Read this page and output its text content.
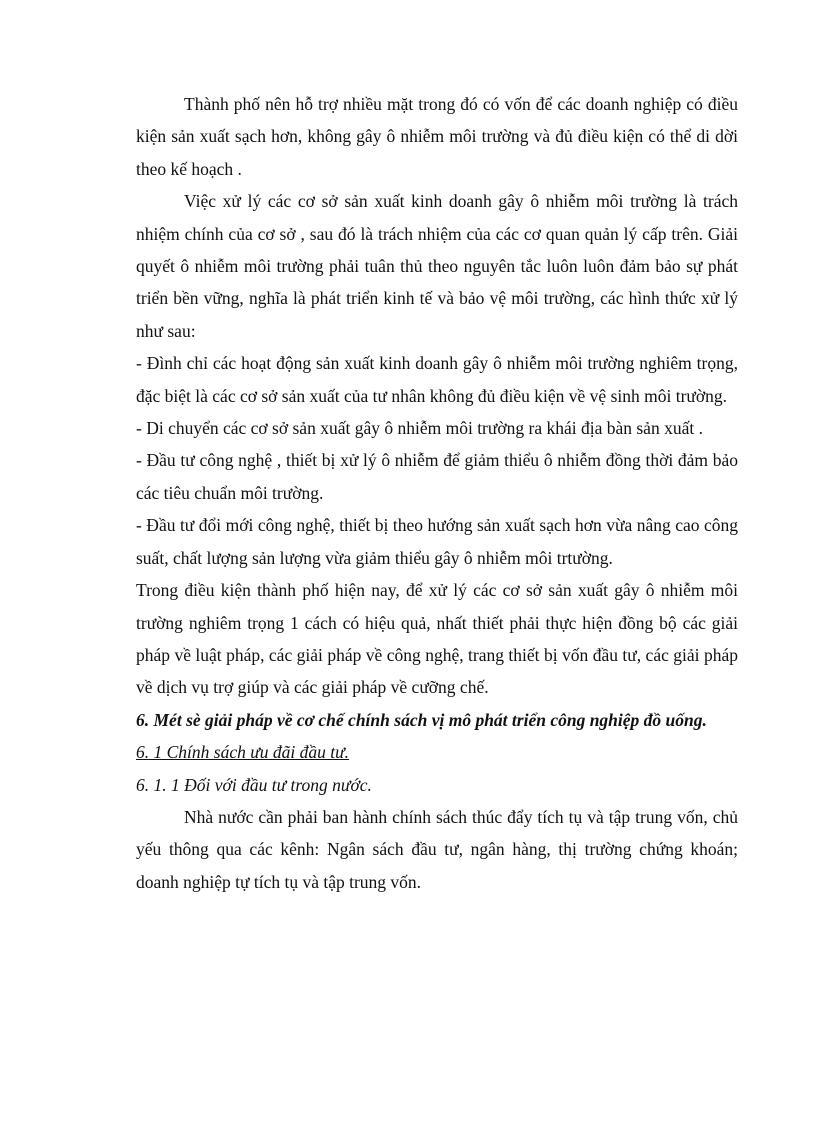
Thành phố nên hỗ trợ nhiều mặt trong đó có vốn để các doanh nghiệp có điều kiện sản xuất sạch hơn, không gây ô nhiễm môi trường và đủ điều kiện có thể di dời theo kế hoạch .

Việc xử lý các cơ sở sản xuất kinh doanh gây ô nhiễm môi trường là trách nhiệm chính của cơ sở , sau đó là trách nhiệm của các cơ quan quản lý cấp trên. Giải quyết ô nhiễm môi trường phải tuân thủ theo nguyên tắc luôn luôn đảm bảo sự phát triển bền vững, nghĩa là phát triển kinh tế và bảo vệ môi trường, các hình thức xử lý như sau:

- Đình chỉ các hoạt động sản xuất kinh doanh gây ô nhiễm môi trường nghiêm trọng, đặc biệt là các cơ sở sản xuất của tư nhân không đủ điều kiện về vệ sinh môi trường.

- Di chuyển các cơ sở sản xuất gây ô nhiễm môi trường ra khái địa bàn sản xuất .

- Đầu tư công nghệ , thiết bị xử lý ô nhiễm để giảm thiểu ô nhiễm đồng thời đảm bảo các tiêu chuẩn môi trường.

- Đầu tư đổi mới công nghệ, thiết bị theo hướng sản xuất sạch hơn vừa nâng cao công suất, chất lượng sản lượng vừa giảm thiểu gây ô nhiễm môi trtường.

Trong điều kiện thành phố hiện nay, để xử lý các cơ sở sản xuất gây ô nhiễm môi trường nghiêm trọng 1 cách có hiệu quả, nhất thiết phải thực hiện đồng bộ các giải pháp về luật pháp, các giải pháp về công nghệ, trang thiết bị vốn đầu tư, các giải pháp về dịch vụ trợ giúp và các giải pháp về cưỡng chế.

6. Mét sè giải pháp về cơ chế chính sách vị mô phát triển công nghiệp đồ uống.

6. 1 Chính sách ưu đãi đầu tư.

6. 1. 1 Đối với đầu tư trong nước.

Nhà nước cần phải ban hành chính sách thúc đẩy tích tụ và tập trung vốn, chủ yếu thông qua các kênh: Ngân sách đầu tư, ngân hàng, thị trường chứng khoán; doanh nghiệp tự tích tụ và tập trung vốn.
